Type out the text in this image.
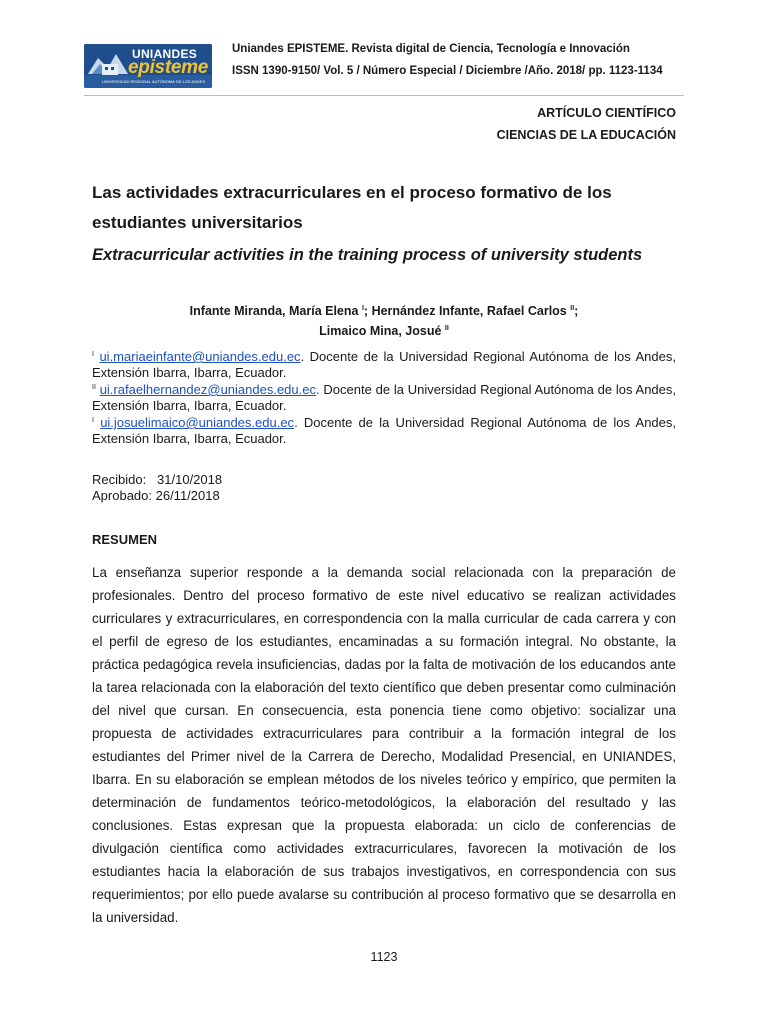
UNIANDES
episteme
UNIVERSIDAD REGIONAL AUTÓNOMA DE LOS ANDES
Uniandes EPISTEME. Revista digital de Ciencia, Tecnología e Innovación
ISSN 1390-9150/ Vol. 5 / Número Especial / Diciembre /Año. 2018/ pp. 1123-1134
ARTÍCULO CIENTÍFICO
CIENCIAS DE LA EDUCACIÓN
Las actividades extracurriculares en el proceso formativo de los estudiantes universitarios
Extracurricular activities in the training process of university students
Infante Miranda, María Elena $^I$; Hernández Infante, Rafael Carlos $^{II}$;
Limaico Mina, Josué $^{II}$

$^I$ ui.mariaeinfante@uniandes.edu.ec. Docente de la Universidad Regional Autónoma de los Andes, Extensión Ibarra, Ibarra, Ecuador.

$^{II}$ ui.rafaelhernandez@uniandes.edu.ec. Docente de la Universidad Regional Autónoma de los Andes, Extensión Ibarra, Ibarra, Ecuador.

$^I$ ui.josuelimaico@uniandes.edu.ec. Docente de la Universidad Regional Autónoma de los Andes, Extensión Ibarra, Ibarra, Ecuador.

Recibido:   31/10/2018
Aprobado: 26/11/2018
RESUMEN

La enseñanza superior responde a la demanda social relacionada con la preparación de profesionales. Dentro del proceso formativo de este nivel educativo se realizan actividades curriculares y extracurriculares, en correspondencia con la malla curricular de cada carrera y con el perfil de egreso de los estudiantes, encaminadas a su formación integral. No obstante, la práctica pedagógica revela insuficiencias, dadas por la falta de motivación de los educandos ante la tarea relacionada con la elaboración del texto científico que deben presentar como culminación del nivel que cursan. En consecuencia, esta ponencia tiene como objetivo: socializar una propuesta de actividades extracurriculares para contribuir a la formación integral de los estudiantes del Primer nivel de la Carrera de Derecho, Modalidad Presencial, en UNIANDES, Ibarra. En su elaboración se emplean métodos de los niveles teórico y empírico, que permiten la determinación de fundamentos teórico-metodológicos, la elaboración del resultado y las conclusiones. Estas expresan que la propuesta elaborada: un ciclo de conferencias de divulgación científica como actividades extracurriculares, favorecen la motivación de los estudiantes hacia la elaboración de sus trabajos investigativos, en correspondencia con sus requerimientos; por ello puede avalarse su contribución al proceso formativo que se desarrolla en la universidad.

1123
